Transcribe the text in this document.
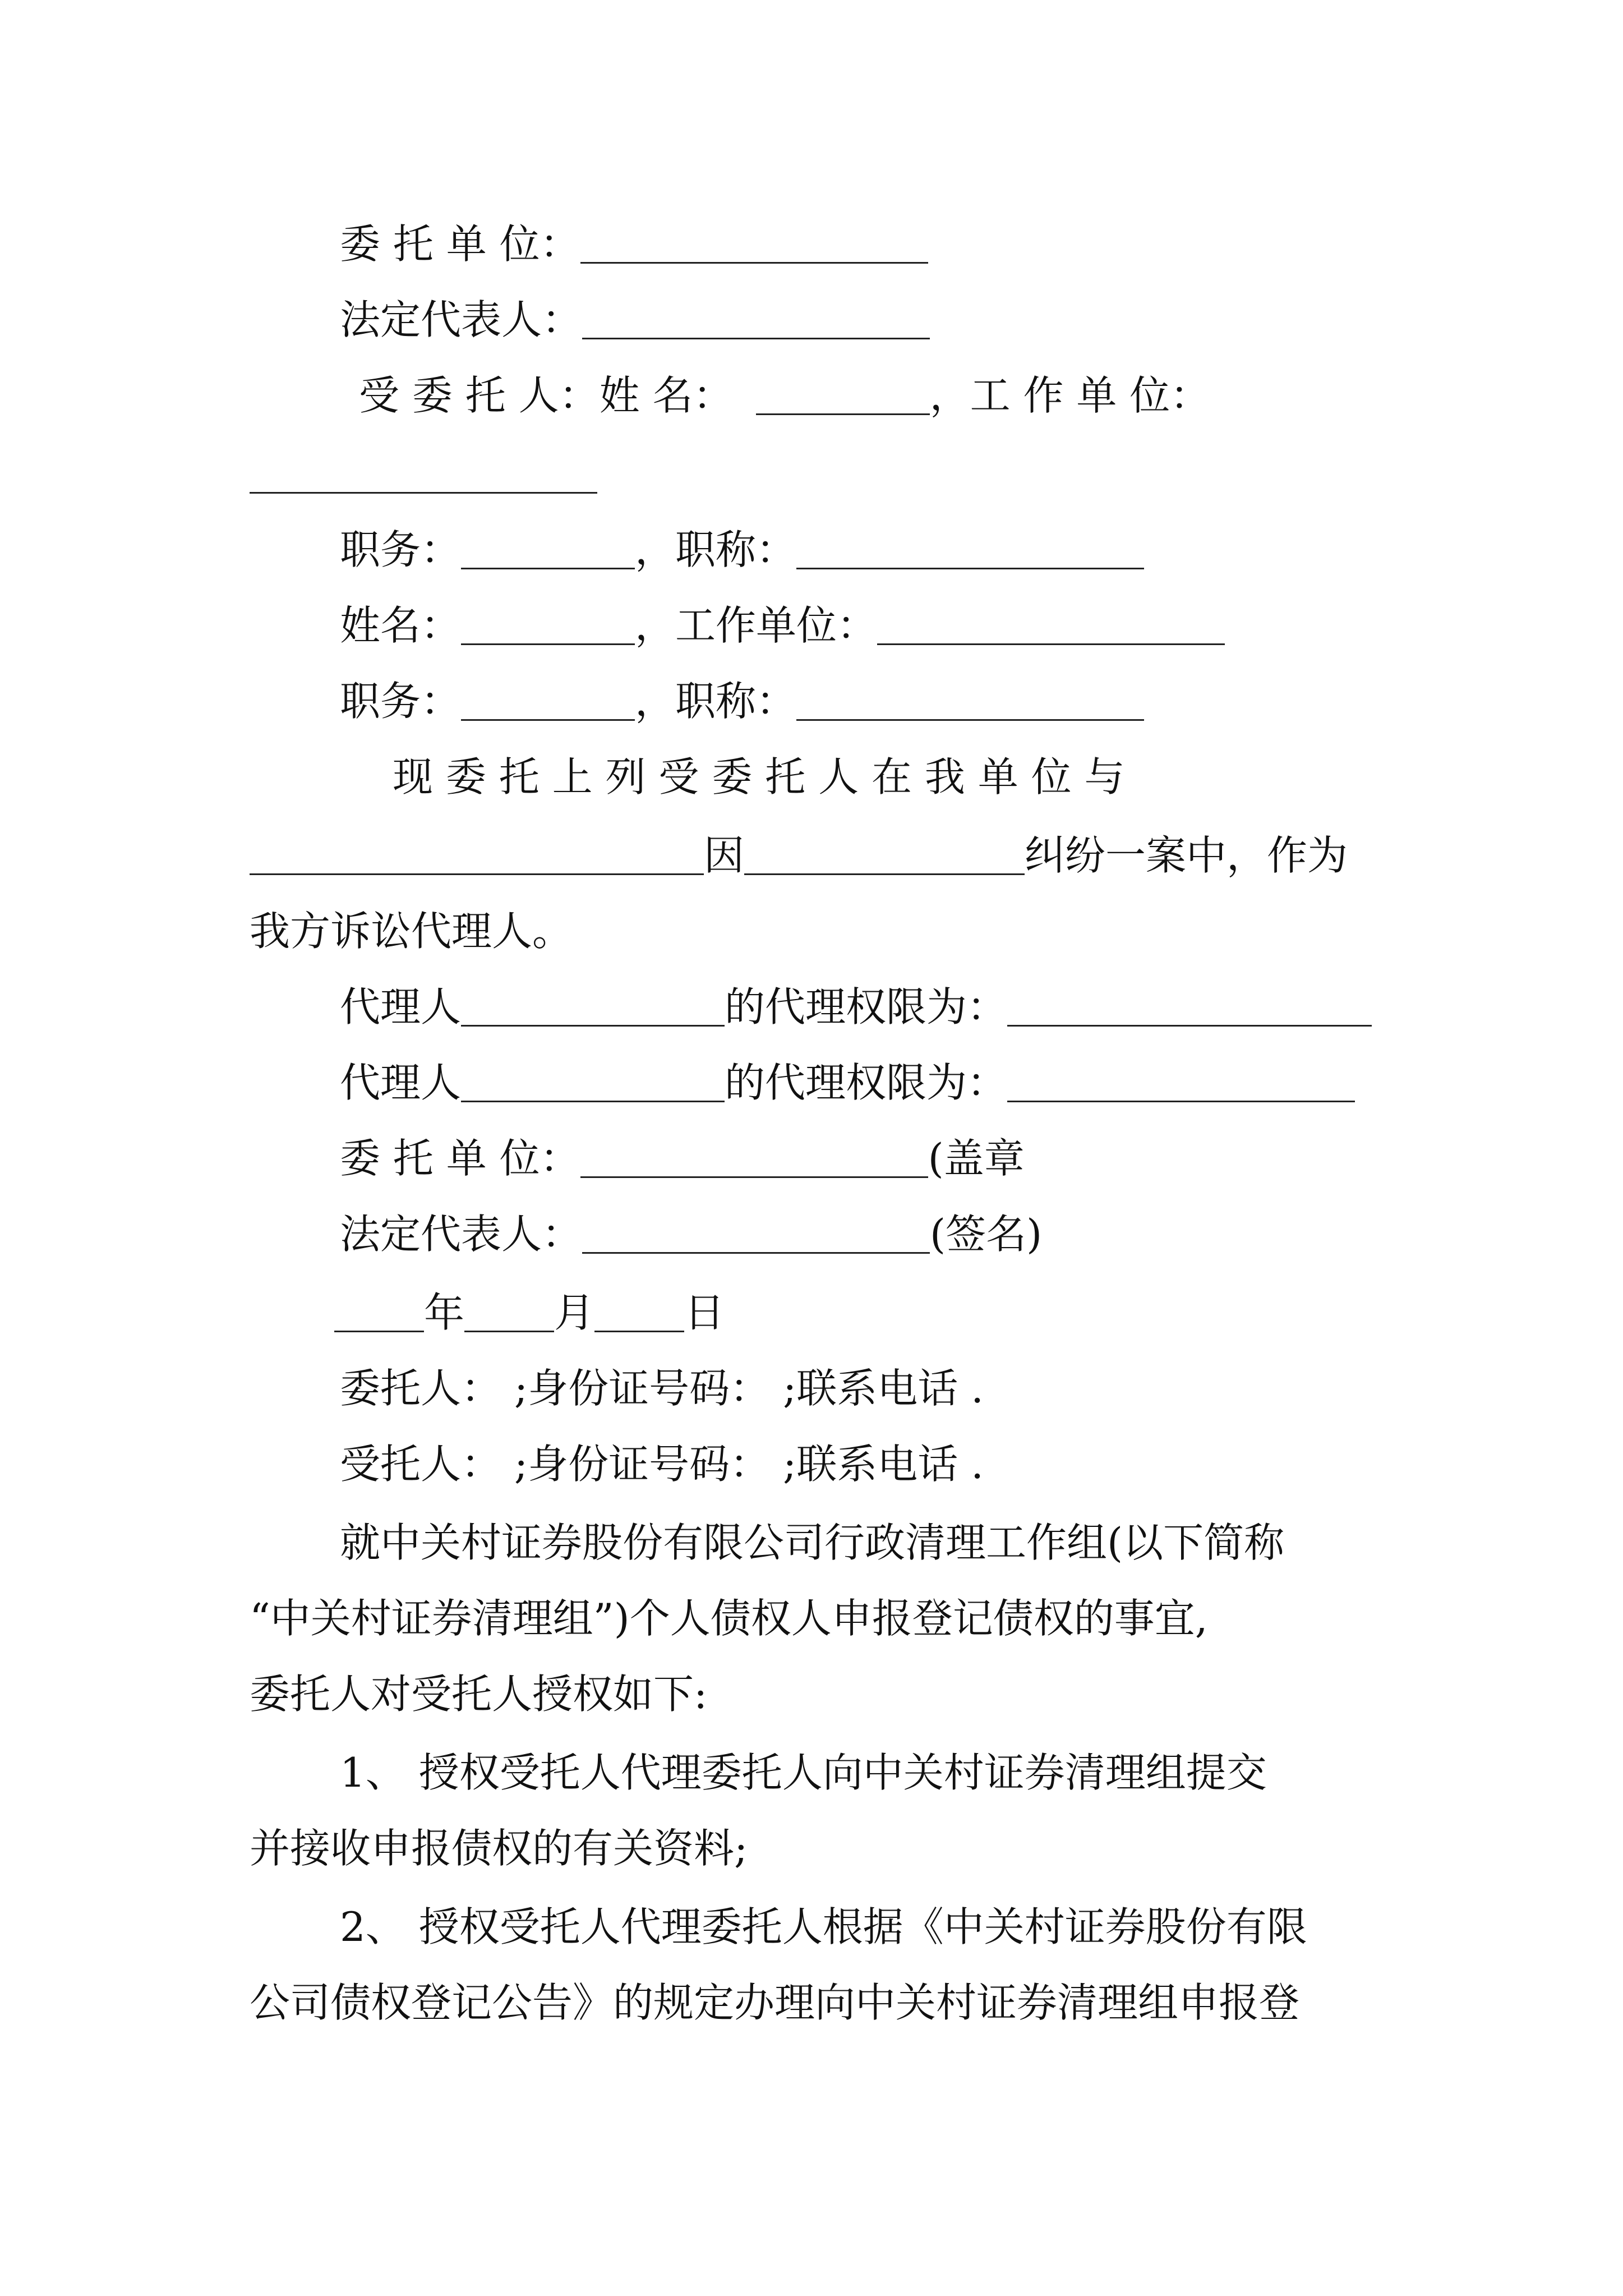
委 托 单 位：
法定代表人：
受 委 托 人：姓 名：	，工 作 单 位：
职务：	，职称：
姓名：	，工作单位：
职务：	，职称：
现 委 托 上 列 受 委 托 人 在 我 单 位 与
因	纠纷一案中，作为
我方诉讼代理人。
代理人	的代理权限为：
代理人	的代理权限为：
委 托 单 位：	(盖章
法定代表人：	(签名)
年 月 日
委托人： ;身份证号码： ;联系电话 .
受托人： ;身份证号码： ;联系电话 .
就中关村证券股份有限公司行政清理工作组(以下简称
“中关村证券清理组”)个人债权人申报登记债权的事宜,
委托人对受托人授权如下:
1、 授权受托人代理委托人向中关村证券清理组提交
并接收申报债权的有关资料;
2、 授权受托人代理委托人根据《中关村证券股份有限
公司债权登记公告》的规定办理向中关村证券清理组申报登
